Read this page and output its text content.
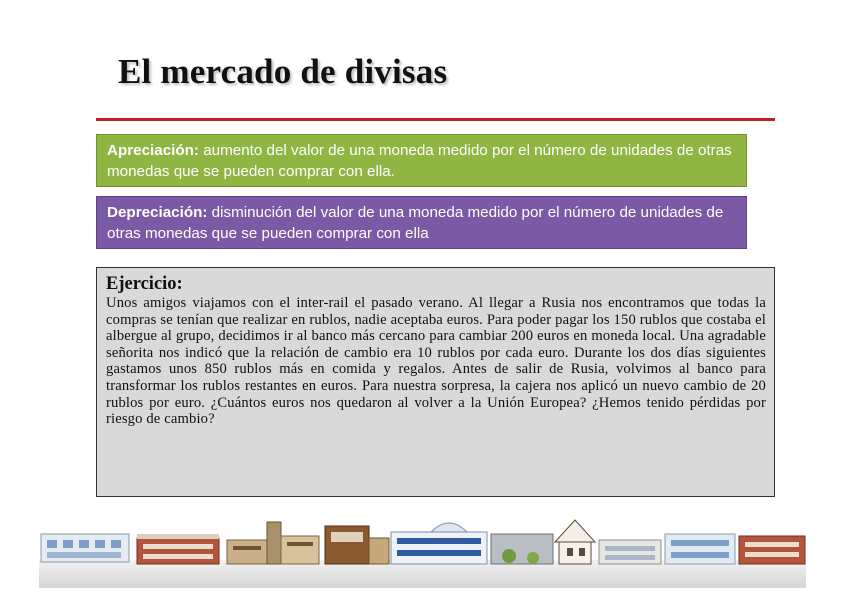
El mercado de divisas
Apreciación: aumento del valor de una moneda medido por el número de unidades de otras monedas que se pueden comprar con ella.
Depreciación: disminución del valor de una moneda medido por el número de unidades de otras monedas que se pueden comprar con ella
Ejercicio:
Unos amigos viajamos con el inter-rail el pasado verano. Al llegar a Rusia nos encontramos que todas la compras se tenían que realizar en rublos, nadie aceptaba euros. Para poder pagar los 150 rublos que costaba el albergue al grupo, decidimos ir al banco más cercano para cambiar 200 euros en moneda local. Una agradable señorita nos indicó que la relación de cambio era 10 rublos por cada euro. Durante los dos días siguientes gastamos unos 850 rublos más en comida y regalos. Antes de salir de Rusia, volvimos al banco para transformar los rublos restantes en euros. Para nuestra sorpresa, la cajera nos aplicó un nuevo cambio de 20 rublos por euro. ¿Cuántos euros nos quedaron al volver a la Unión Europea? ¿Hemos tenido pérdidas por riesgo de cambio?
